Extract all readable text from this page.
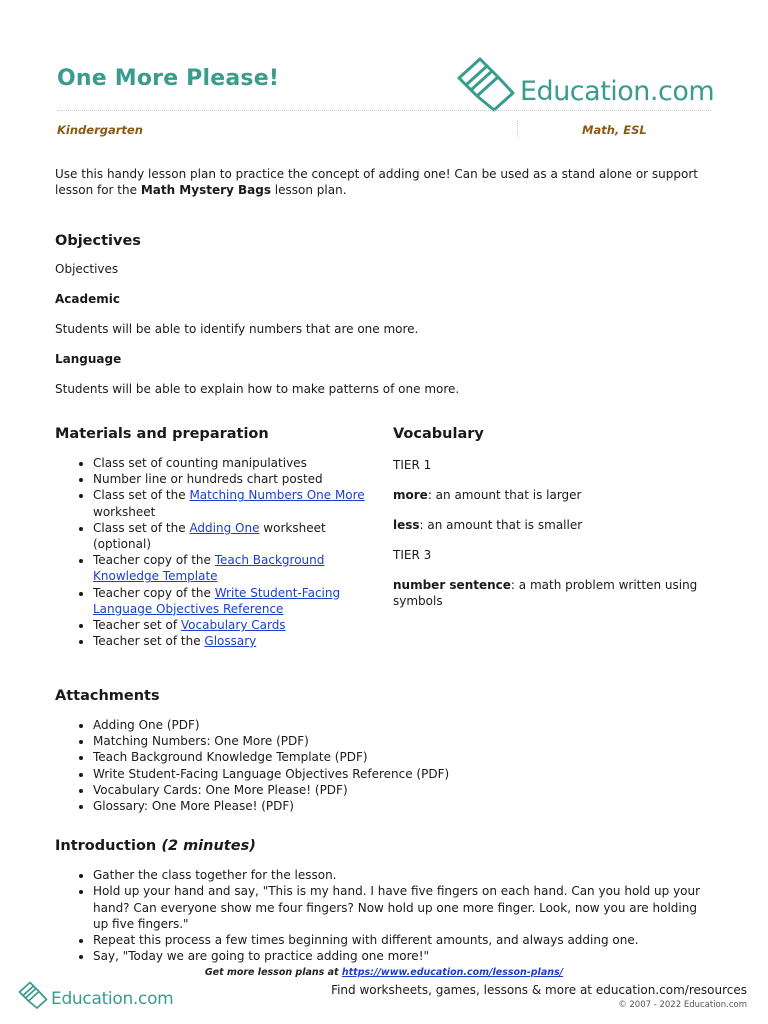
One More Please!	Education.com
Kindergarten	Math, ESL

Use this handy lesson plan to practice the concept of adding one! Can be used as a stand alone or support lesson for the Math Mystery Bags lesson plan.

Objectives

Objectives

Academic

Students will be able to identify numbers that are one more.

Language

Students will be able to explain how to make patterns of one more.

Materials and preparation
• Class set of counting manipulatives
• Number line or hundreds chart posted
• Class set of the Matching Numbers One More worksheet
• Class set of the Adding One worksheet (optional)
• Teacher copy of the Teach Background Knowledge Template
• Teacher copy of the Write Student-Facing Language Objectives Reference
• Teacher set of Vocabulary Cards
• Teacher set of the Glossary
Vocabulary

TIER 1

more: an amount that is larger

less: an amount that is smaller

TIER 3

number sentence: a math problem written using symbols

Attachments
• Adding One (PDF)
• Matching Numbers: One More (PDF)
• Teach Background Knowledge Template (PDF)
• Write Student-Facing Language Objectives Reference (PDF)
• Vocabulary Cards: One More Please! (PDF)
• Glossary: One More Please! (PDF)
Introduction (2 minutes)
• Gather the class together for the lesson.
• Hold up your hand and say, "This is my hand. I have five fingers on each hand. Can you hold up your hand? Can everyone show me four fingers? Now hold up one more finger. Look, now you are holding up five fingers."
• Repeat this process a few times beginning with different amounts, and always adding one.
• Say, "Today we are going to practice adding one more!"
Get more lesson plans at https://www.education.com/lesson-plans/
Education.com	Find worksheets, games, lessons & more at education.com/resources
© 2007 - 2022 Education.com
